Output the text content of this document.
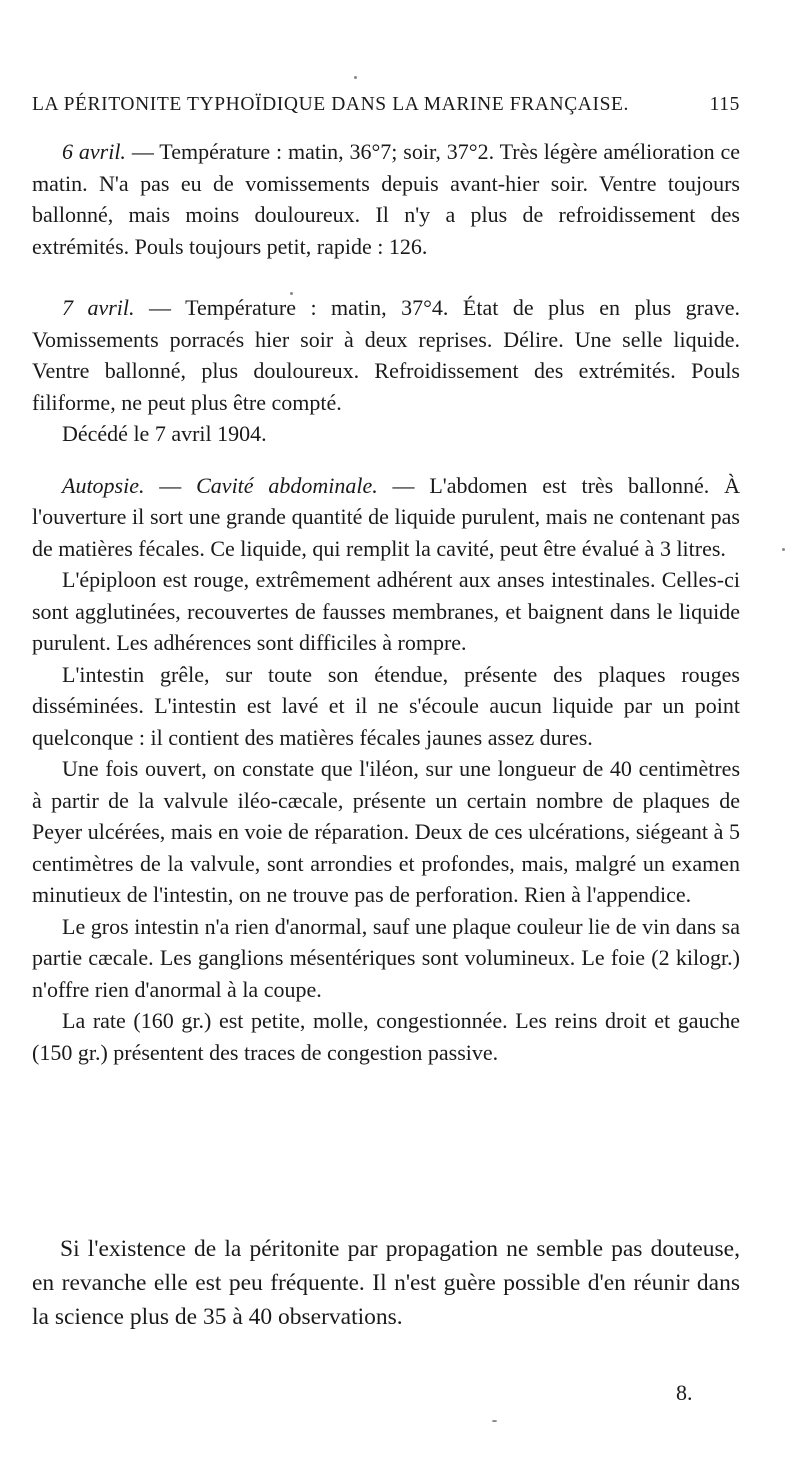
LA PÉRITONITE TYPHOÏDIQUE DANS LA MARINE FRANÇAISE.	115

6 avril. — Température : matin, 36°7; soir, 37°2. Très légère amélioration ce matin. N'a pas eu de vomissements depuis avant-hier soir. Ventre toujours ballonné, mais moins douloureux. Il n'y a plus de refroidissement des extrémités. Pouls toujours petit, rapide : 126.

7 avril. — Température : matin, 37°4. État de plus en plus grave. Vomissements porracés hier soir à deux reprises. Délire. Une selle liquide. Ventre ballonné, plus douloureux. Refroidissement des extrémités. Pouls filiforme, ne peut plus être compté.

Décédé le 7 avril 1904.

Autopsie. — Cavité abdominale. — L'abdomen est très ballonné. À l'ouverture il sort une grande quantité de liquide purulent, mais ne contenant pas de matières fécales. Ce liquide, qui remplit la cavité, peut être évalué à 3 litres.

L'épiploon est rouge, extrêmement adhérent aux anses intestinales. Celles-ci sont agglutinées, recouvertes de fausses membranes, et baignent dans le liquide purulent. Les adhérences sont difficiles à rompre.

L'intestin grêle, sur toute son étendue, présente des plaques rouges disséminées. L'intestin est lavé et il ne s'écoule aucun liquide par un point quelconque : il contient des matières fécales jaunes assez dures.

Une fois ouvert, on constate que l'iléon, sur une longueur de 40 centimètres à partir de la valvule iléo-cæcale, présente un certain nombre de plaques de Peyer ulcérées, mais en voie de réparation. Deux de ces ulcérations, siégeant à 5 centimètres de la valvule, sont arrondies et profondes, mais, malgré un examen minutieux de l'intestin, on ne trouve pas de perforation. Rien à l'appendice.

Le gros intestin n'a rien d'anormal, sauf une plaque couleur lie de vin dans sa partie cæcale. Les ganglions mésentériques sont volumineux. Le foie (2 kilogr.) n'offre rien d'anormal à la coupe.

La rate (160 gr.) est petite, molle, congestionnée. Les reins droit et gauche (150 gr.) présentent des traces de congestion passive.

Si l'existence de la péritonite par propagation ne semble pas douteuse, en revanche elle est peu fréquente. Il n'est guère possible d'en réunir dans la science plus de 35 à 40 observations.

8.
